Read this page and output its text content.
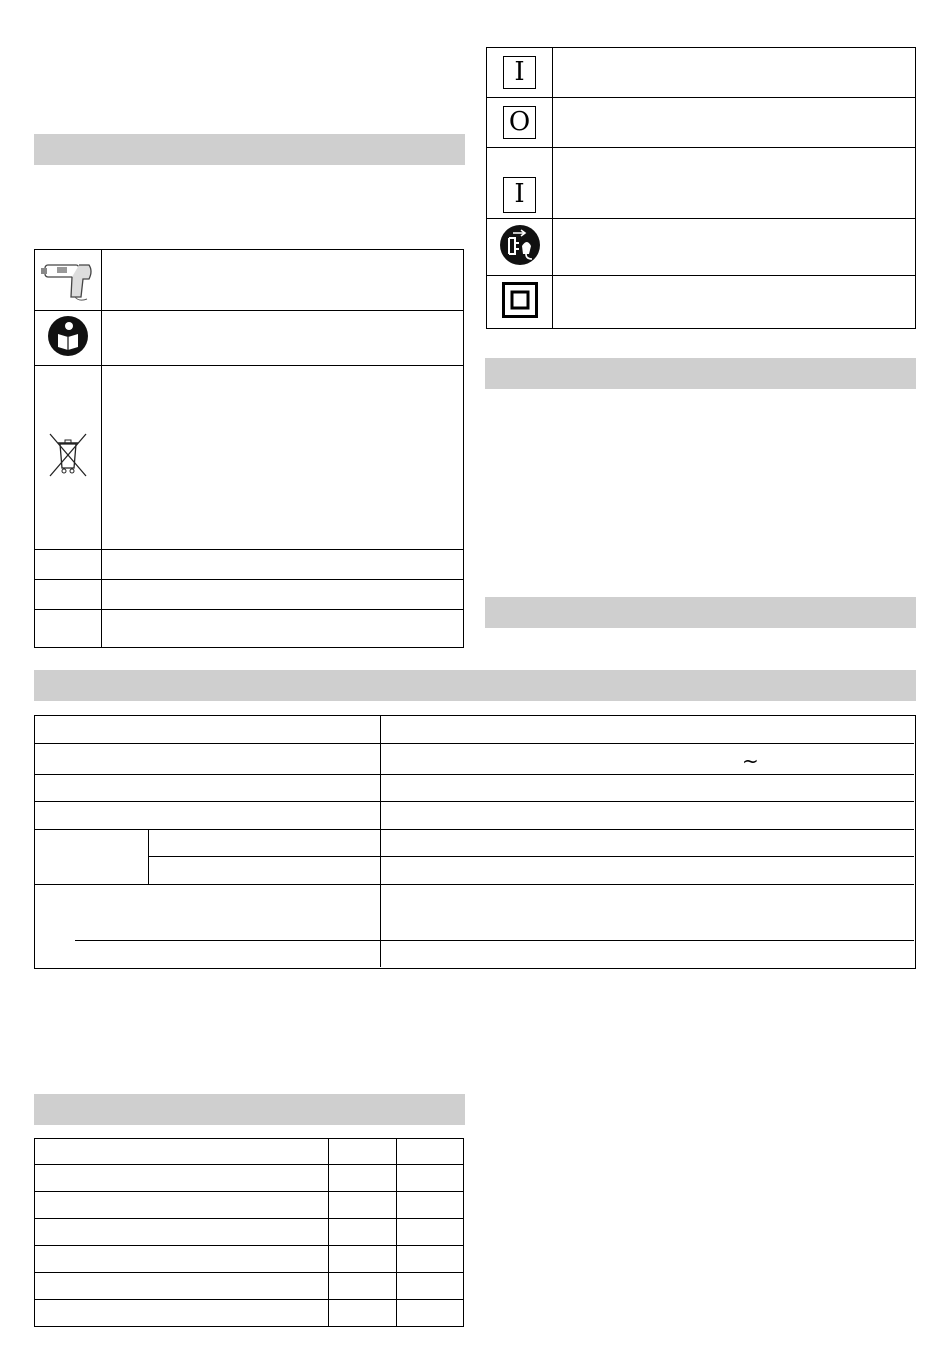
I	
O	
I	

~
